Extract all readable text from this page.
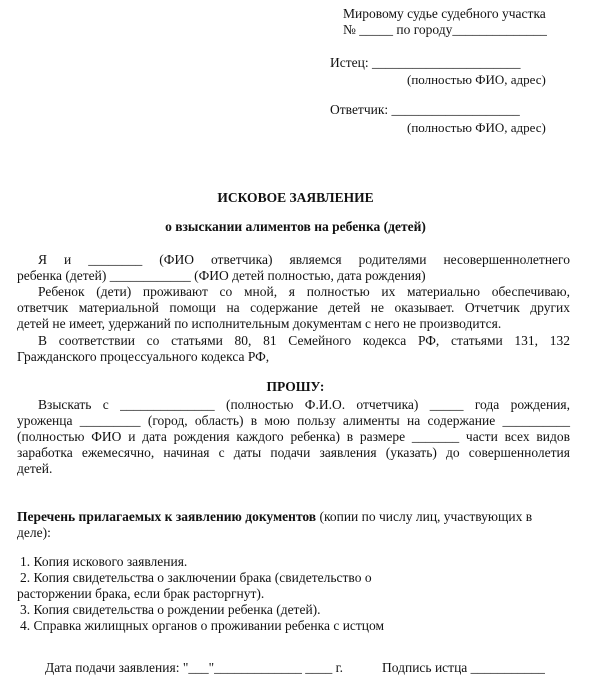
Мировому судье судебного участка
№ _____ по городу______________
Истец: ______________________
(полностью ФИО, адрес)
Ответчик: ___________________
(полностью ФИО, адрес)
ИСКОВОЕ ЗАЯВЛЕНИЕ
о взыскании алиментов на ребенка (детей)
Я и ________ (ФИО ответчика) являемся родителями несовершеннолетнего
ребенка (детей) ____________ (ФИО детей полностью, дата рождения)
Ребенок (дети) проживают со мной, я полностью их материально обеспечиваю,
ответчик материальной помощи на содержание детей не оказывает. Отчетчик других
детей не имеет, удержаний по исполнительным документам с него не производится.
В соответствии со статьями 80, 81 Семейного кодекса РФ, статьями 131, 132
Гражданского процессуального кодекса РФ,
ПРОШУ:
Взыскать с ______________ (полностью Ф.И.О. отчетчика) _____ года рождения,
уроженца _________ (город, область) в мою пользу алименты на содержание __________
(полностью ФИО и дата рождения каждого ребенка) в размере _______ части всех видов
заработка ежемесячно, начиная с даты подачи заявления (указать) до совершеннолетия
детей.
Перечень прилагаемых к заявлению документов (копии по числу лиц, участвующих в
деле):
1. Копия искового заявления.
2. Копия свидетельства о заключении брака (свидетельство о
расторжении брака, если брак расторгнут).
3. Копия свидетельства о рождении ребенка (детей).
4. Справка жилищных органов о проживании ребенка с истцом
Дата подачи заявления: "___"_____________ ____ г.	Подпись истца ___________
